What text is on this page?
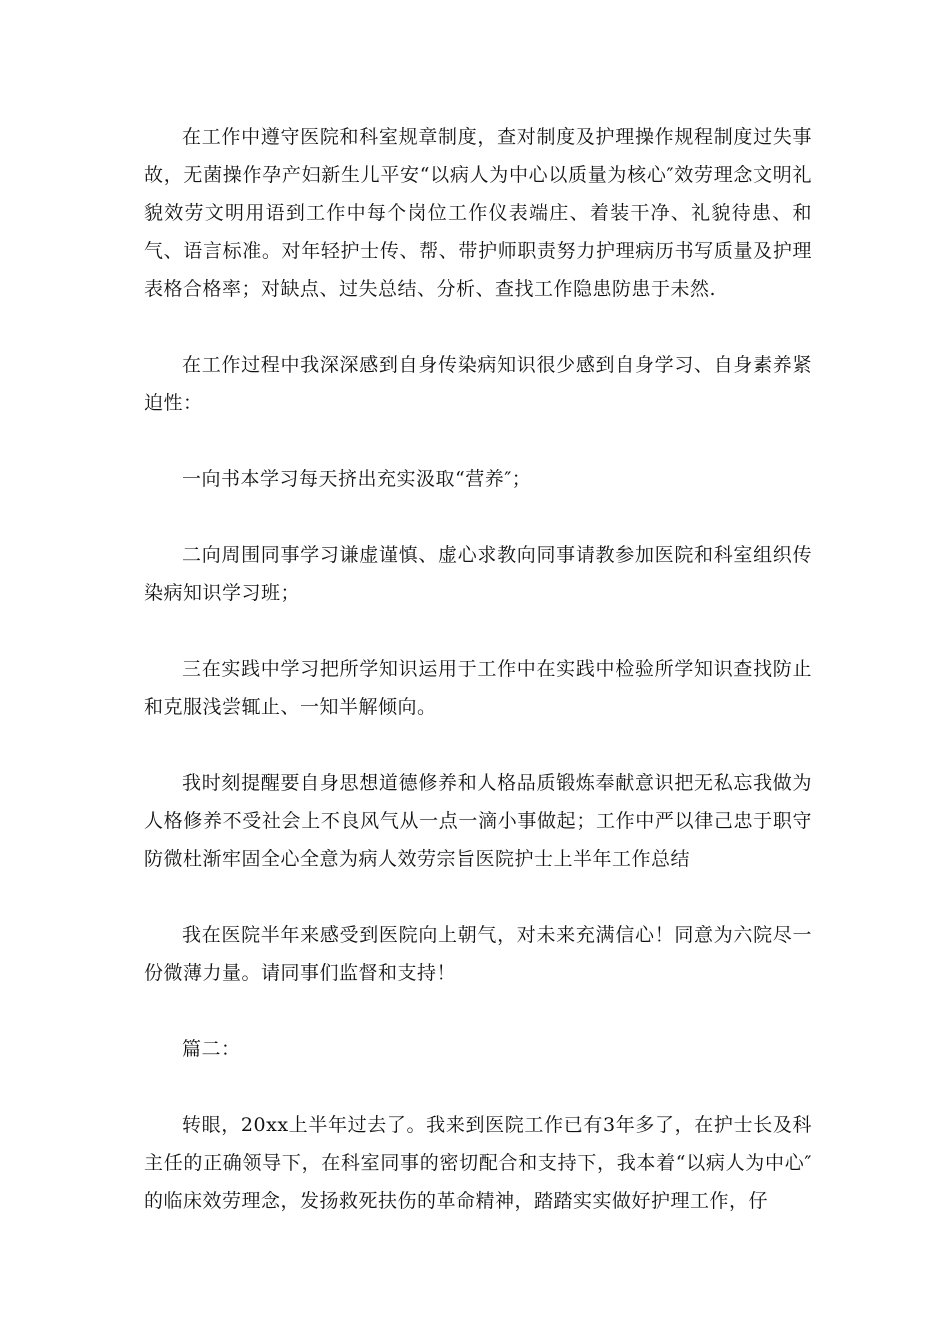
在工作中遵守医院和科室规章制度，查对制度及护理操作规程制度过失事故，无菌操作孕产妇新生儿平安“以病人为中心以质量为核心″效劳理念文明礼貌效劳文明用语到工作中每个岗位工作仪表端庄、着装干净、礼貌待患、和气、语言标准。对年轻护士传、帮、带护师职责努力护理病历书写质量及护理表格合格率；对缺点、过失总结、分析、查找工作隐患防患于未然.

在工作过程中我深深感到自身传染病知识很少感到自身学习、自身素养紧迫性：

一向书本学习每天挤出充实汲取“营养″；

二向周围同事学习谦虚谨慎、虚心求教向同事请教参加医院和科室组织传染病知识学习班；

三在实践中学习把所学知识运用于工作中在实践中检验所学知识查找防止和克服浅尝辄止、一知半解倾向。

我时刻提醒要自身思想道德修养和人格品质锻炼奉献意识把无私忘我做为人格修养不受社会上不良风气从一点一滴小事做起；工作中严以律己忠于职守防微杜渐牢固全心全意为病人效劳宗旨医院护士上半年工作总结

我在医院半年来感受到医院向上朝气，对未来充满信心！同意为六院尽一份微薄力量。请同事们监督和支持！

篇二：

转眼，20xx上半年过去了。我来到医院工作已有3年多了，在护士长及科主任的正确领导下，在科室同事的密切配合和支持下，我本着“以病人为中心″的临床效劳理念，发扬救死扶伤的革命精神，踏踏实实做好护理工作，仔
